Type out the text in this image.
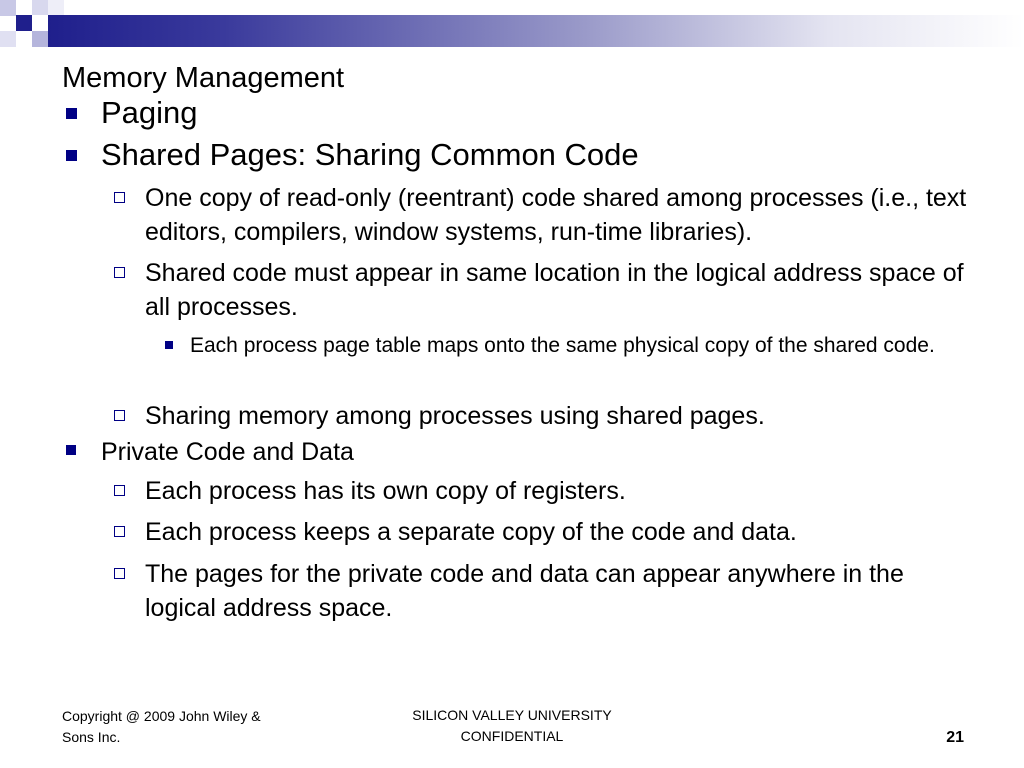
Memory Management
Paging
Shared Pages: Sharing Common Code
One copy of read-only (reentrant) code shared among processes (i.e., text editors, compilers, window systems, run-time libraries).
Shared code must appear in same location in the logical address space of all processes.
Each process page table maps onto the same physical copy of the shared code.
Sharing memory among processes using shared pages.
Private Code and Data
Each process has its own copy of registers.
Each process keeps a separate copy of the code and data.
The pages for the private code and data can appear anywhere in the logical address space.
Copyright @ 2009 John Wiley & Sons Inc.
SILICON VALLEY UNIVERSITY CONFIDENTIAL	21
